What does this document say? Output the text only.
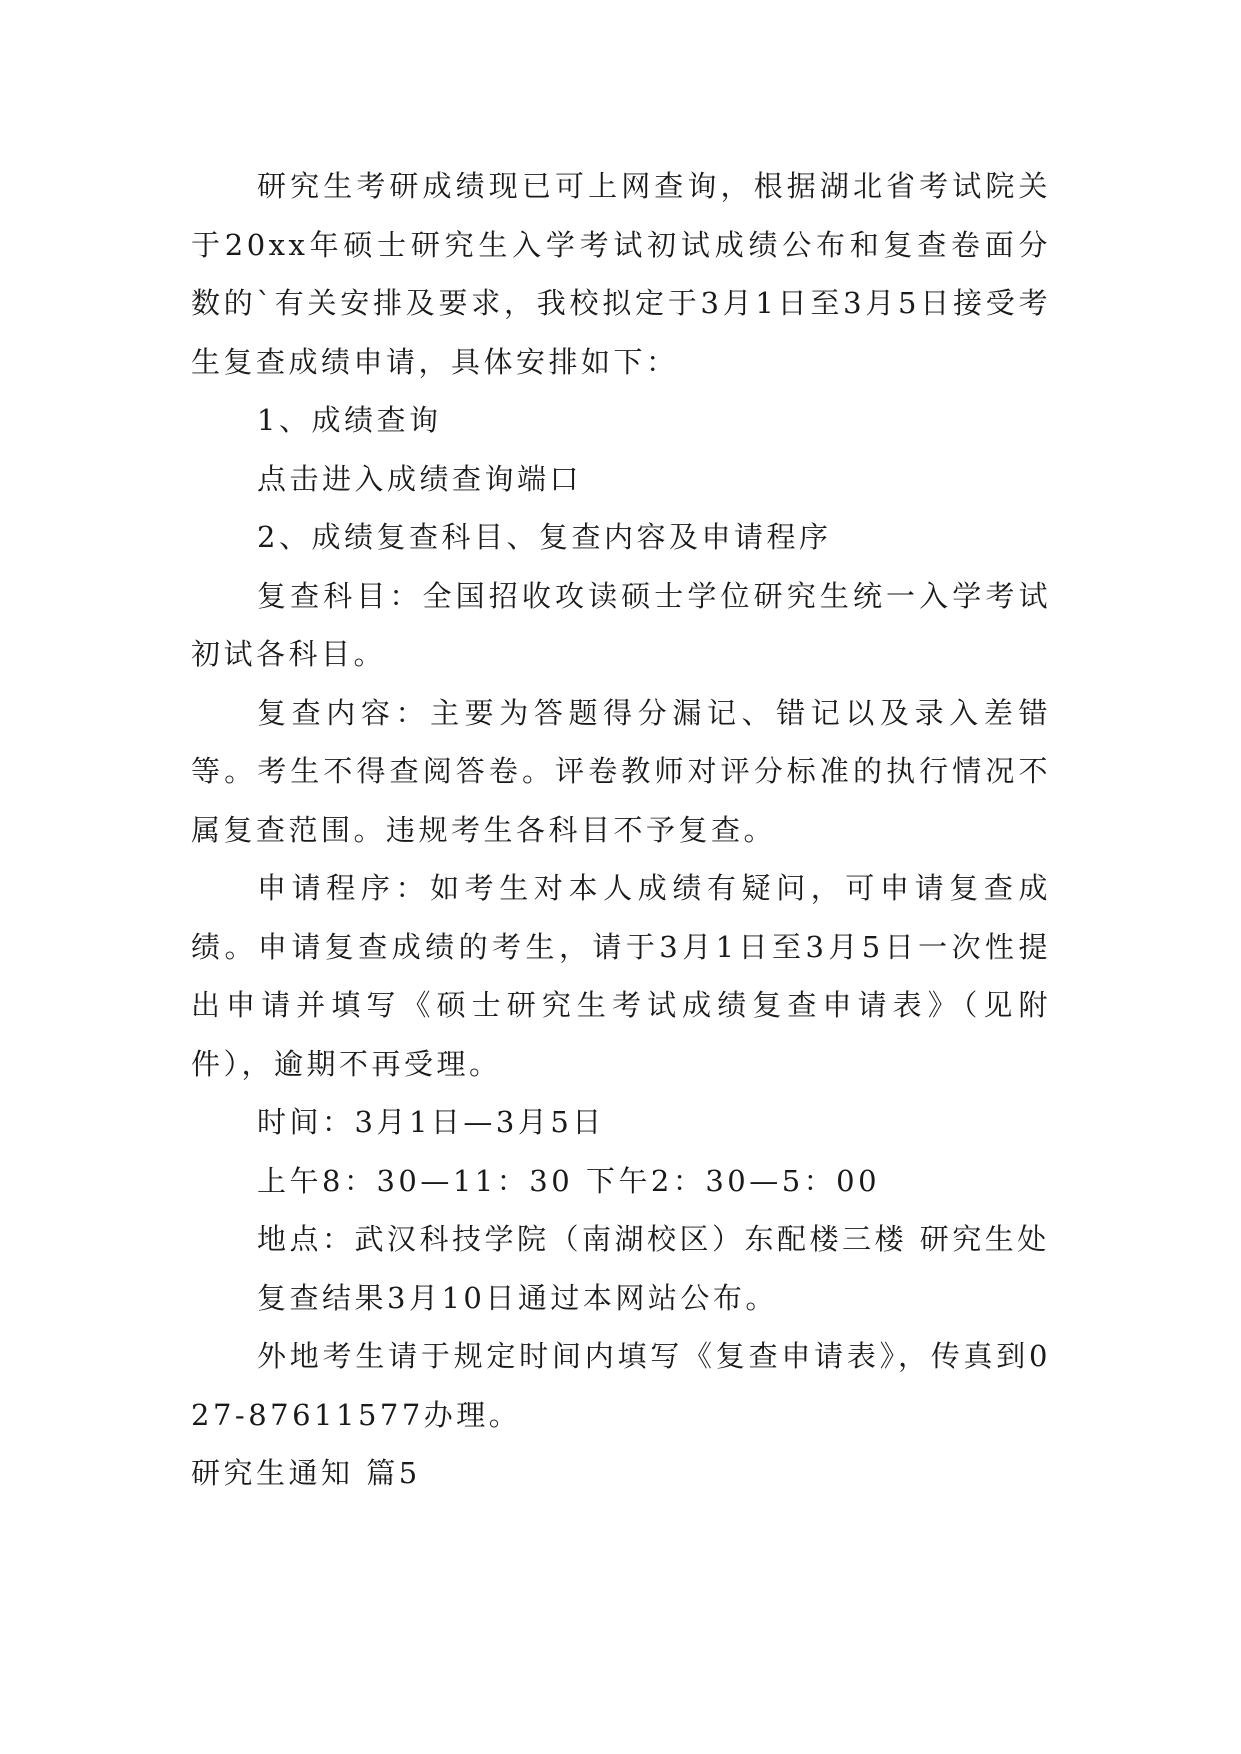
研究生考研成绩现已可上网查询，根据湖北省考试院关于20xx年硕士研究生入学考试初试成绩公布和复查卷面分数的`有关安排及要求，我校拟定于3月1日至3月5日接受考生复查成绩申请，具体安排如下：

1、成绩查询

点击进入成绩查询端口

2、成绩复查科目、复查内容及申请程序

复查科目：全国招收攻读硕士学位研究生统一入学考试初试各科目。

复查内容：主要为答题得分漏记、错记以及录入差错等。考生不得查阅答卷。评卷教师对评分标准的执行情况不属复查范围。违规考生各科目不予复查。

申请程序：如考生对本人成绩有疑问，可申请复查成绩。申请复查成绩的考生，请于3月1日至3月5日一次性提出申请并填写《硕士研究生考试成绩复查申请表》（见附件），逾期不再受理。

时间：3月1日—3月5日

上午8：30—11：30 下午2：30—5：00

地点：武汉科技学院（南湖校区）东配楼三楼 研究生处

复查结果3月10日通过本网站公布。

外地考生请于规定时间内填写《复查申请表》，传真到027-87611577办理。

研究生通知 篇5
